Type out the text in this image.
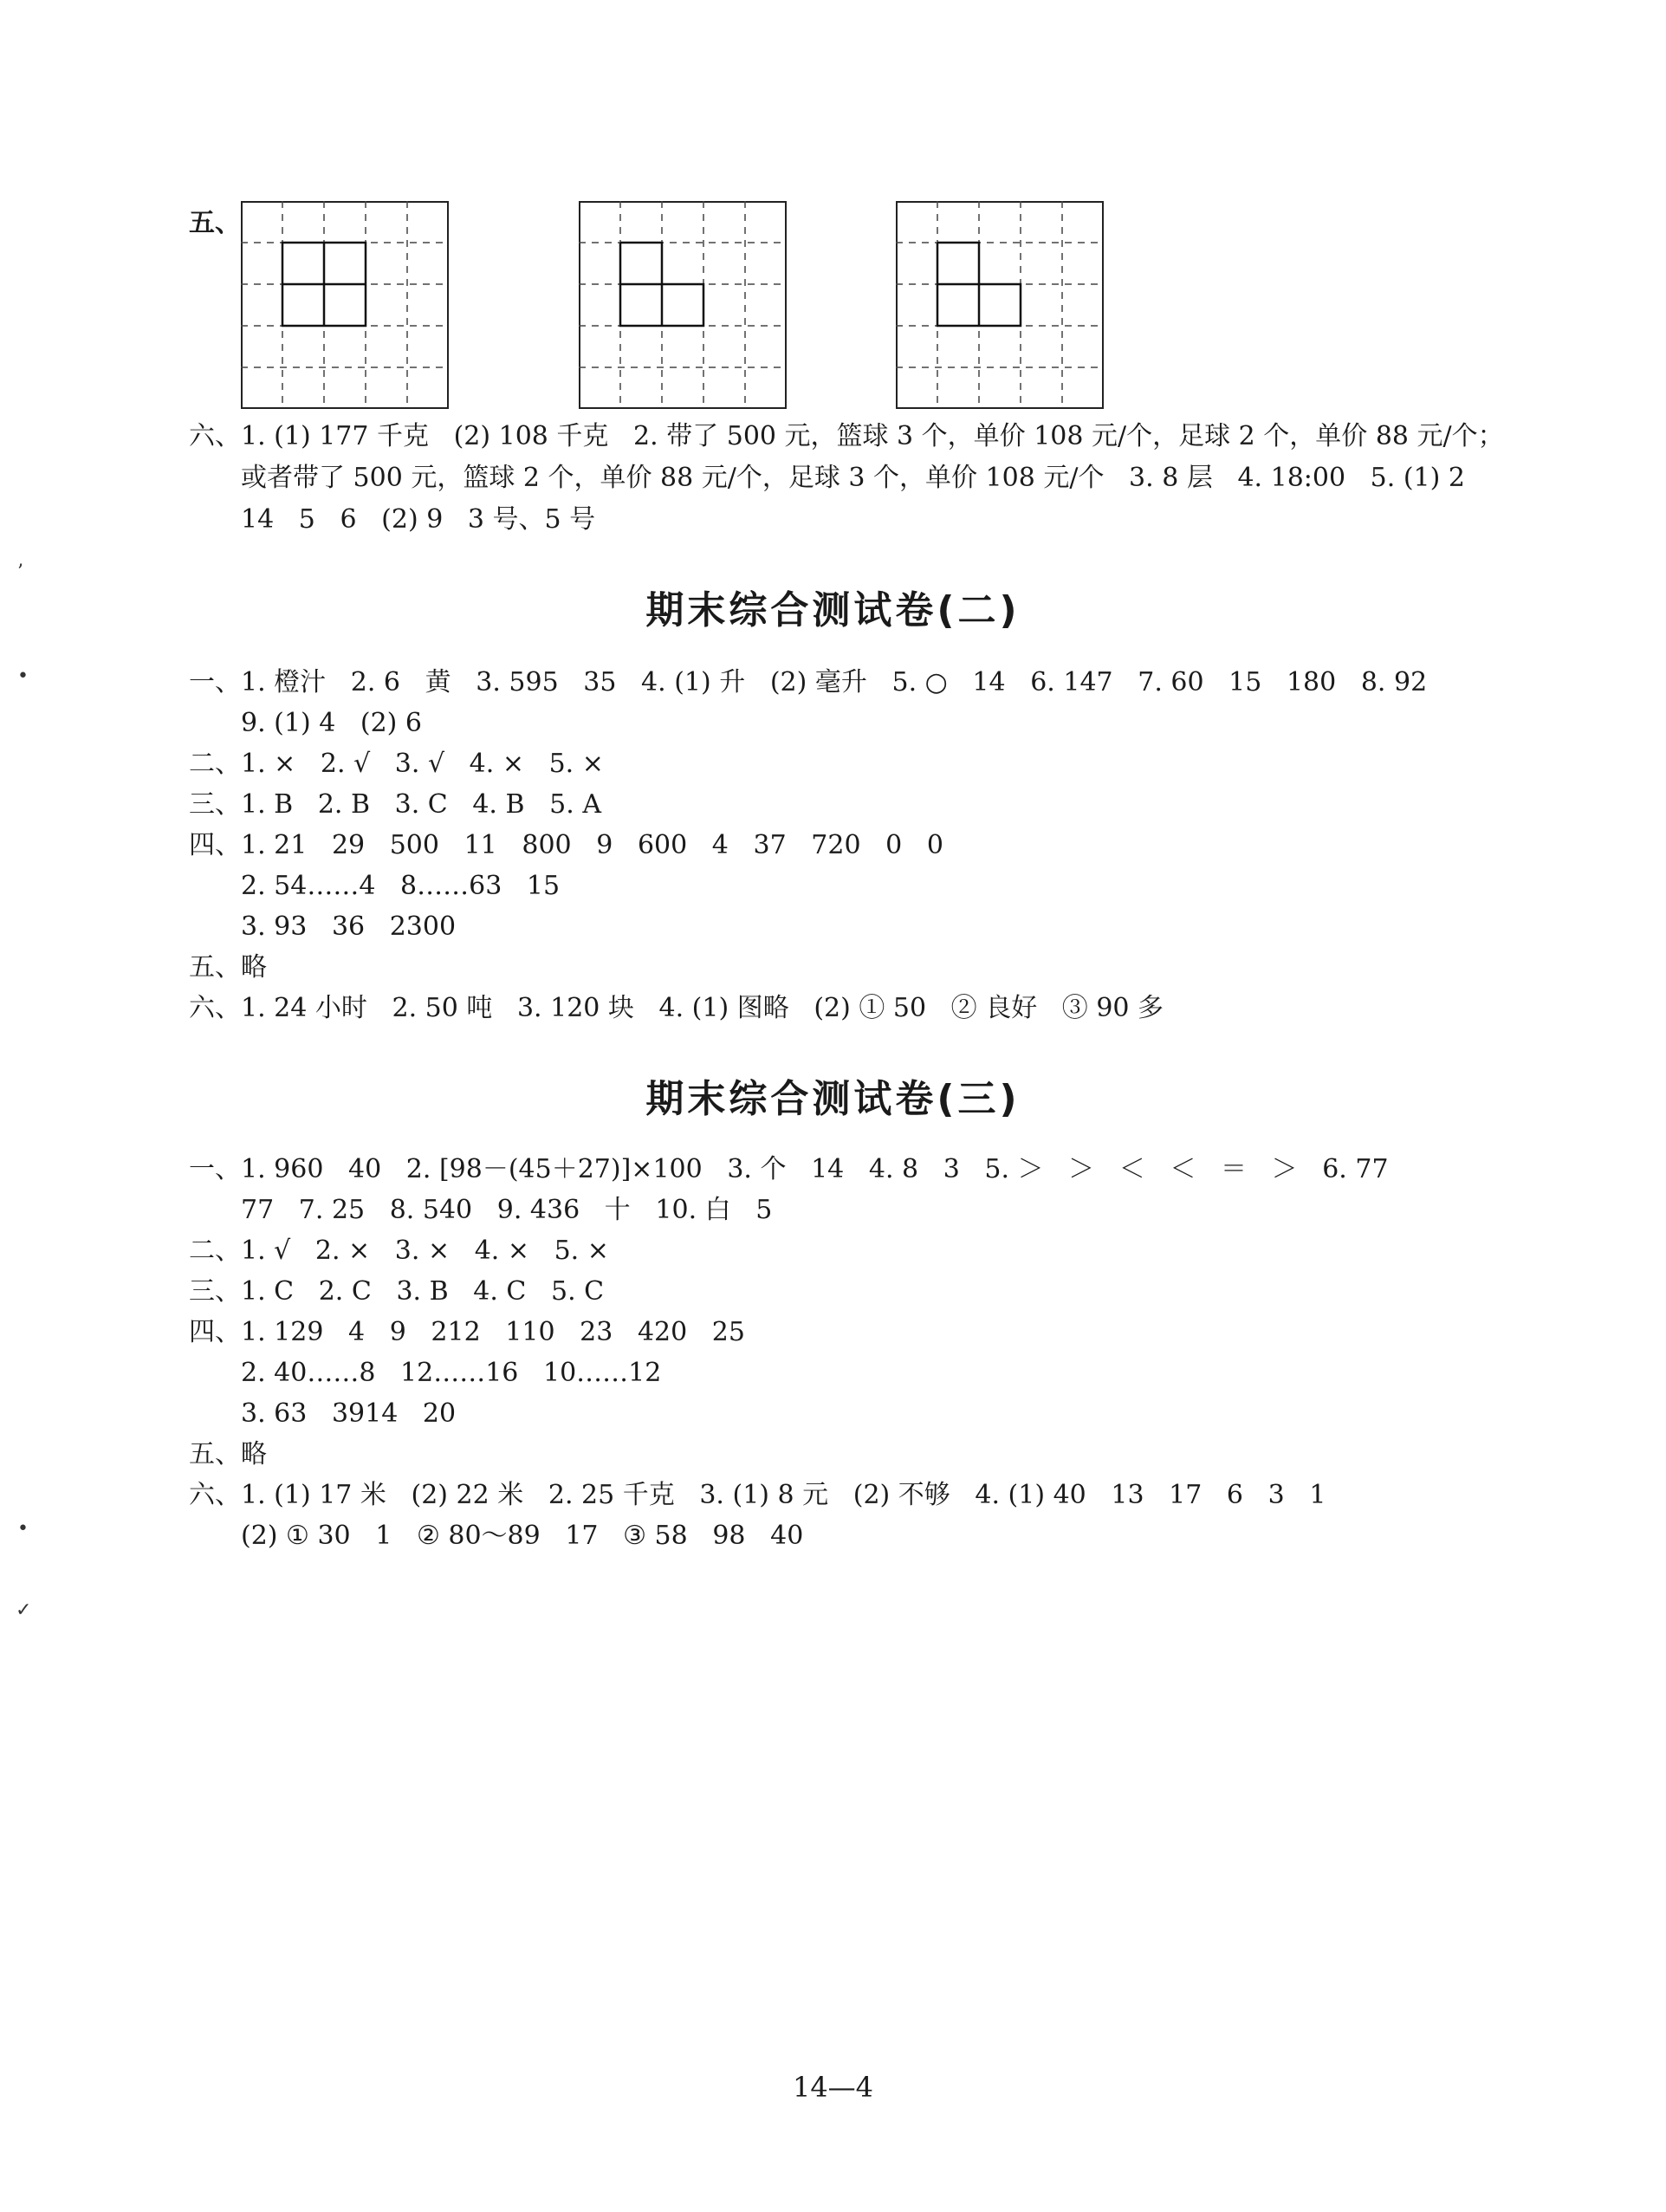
五、
六、1. (1) 177 千克   (2) 108 千克   2. 带了 500 元，篮球 3 个，单价 108 元/个，足球 2 个，单价 88 元/个；
或者带了 500 元，篮球 2 个，单价 88 元/个，足球 3 个，单价 108 元/个   3. 8 层   4. 18:00   5. (1) 2
14   5   6   (2) 9   3 号、5 号
期末综合测试卷(二)
一、1. 橙汁   2. 6   黄   3. 595   35   4. (1) 升   (2) 毫升   5. ○   14   6. 147   7. 60   15   180   8. 92
9. (1) 4   (2) 6
二、1. ×   2. √   3. √   4. ×   5. ×
三、1. B   2. B   3. C   4. B   5. A
四、1. 21   29   500   11   800   9   600   4   37   720   0   0
2. 54……4   8……63   15
3. 93   36   2300
五、略
六、1. 24 小时   2. 50 吨   3. 120 块   4. (1) 图略   (2) ① 50   ② 良好   ③ 90 多
期末综合测试卷(三)
一、1. 960   40   2. [98－(45＋27)]×100   3. 个   14   4. 8   3   5. ＞   ＞   ＜   ＜   ＝   ＞   6. 77
77   7. 25   8. 540   9. 436   十   10. 白   5
二、1. √   2. ×   3. ×   4. ×   5. ×
三、1. C   2. C   3. B   4. C   5. C
四、1. 129   4   9   212   110   23   420   25
2. 40……8   12……16   10……12
3. 63   3914   20
五、略
六、1. (1) 17 米   (2) 22 米   2. 25 千克   3. (1) 8 元   (2) 不够   4. (1) 40   13   17   6   3   1
(2) ① 30   1   ② 80～89   17   ③ 58   98   40
14—4
’
•
•
✓
